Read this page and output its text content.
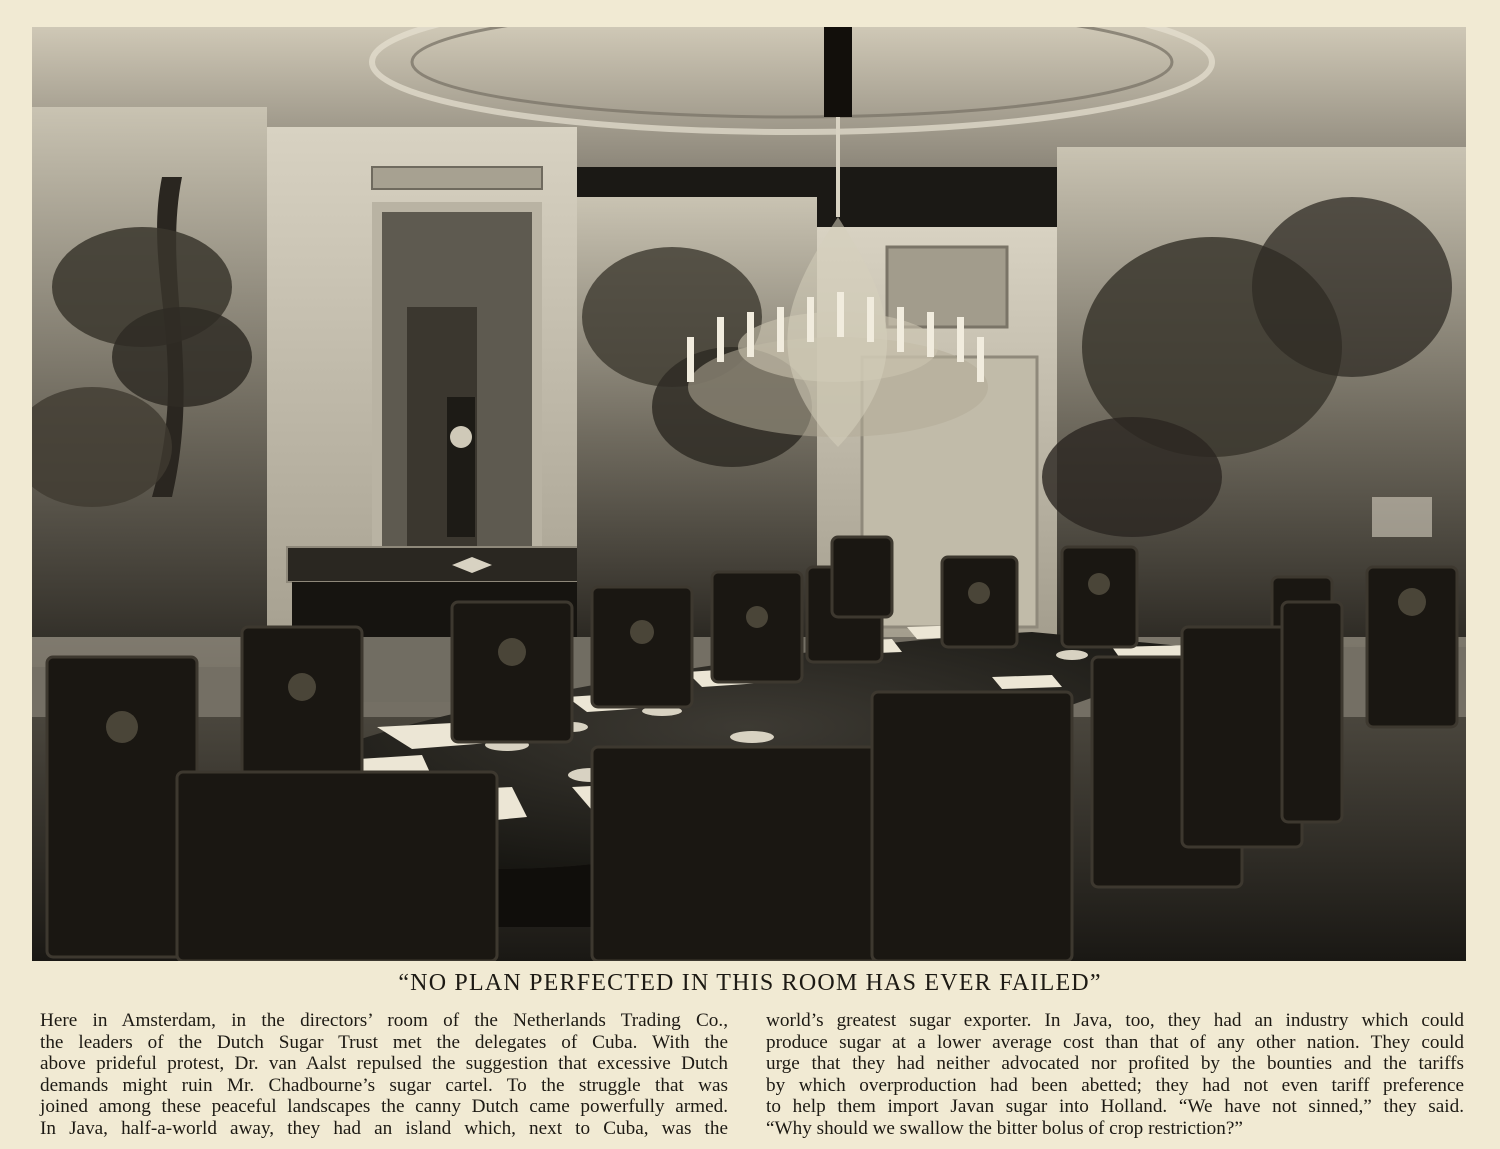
“NO PLAN PERFECTED IN THIS ROOM HAS EVER FAILED”
Here in Amsterdam, in the directors’ room of the Netherlands Trading Co.,
the leaders of the Dutch Sugar Trust met the delegates of Cuba. With the
above prideful protest, Dr. van Aalst repulsed the suggestion that excessive Dutch
demands might ruin Mr. Chadbourne’s sugar cartel. To the struggle that was
joined among these peaceful landscapes the canny Dutch came powerfully armed.
In Java, half-a-world away, they had an island which, next to Cuba, was the
world’s greatest sugar exporter. In Java, too, they had an industry which could
produce sugar at a lower average cost than that of any other nation. They could
urge that they had neither advocated nor profited by the bounties and the tariffs
by which overproduction had been abetted; they had not even tariff preference
to help them import Javan sugar into Holland. “We have not sinned,” they said.
“Why should we swallow the bitter bolus of crop restriction?”
